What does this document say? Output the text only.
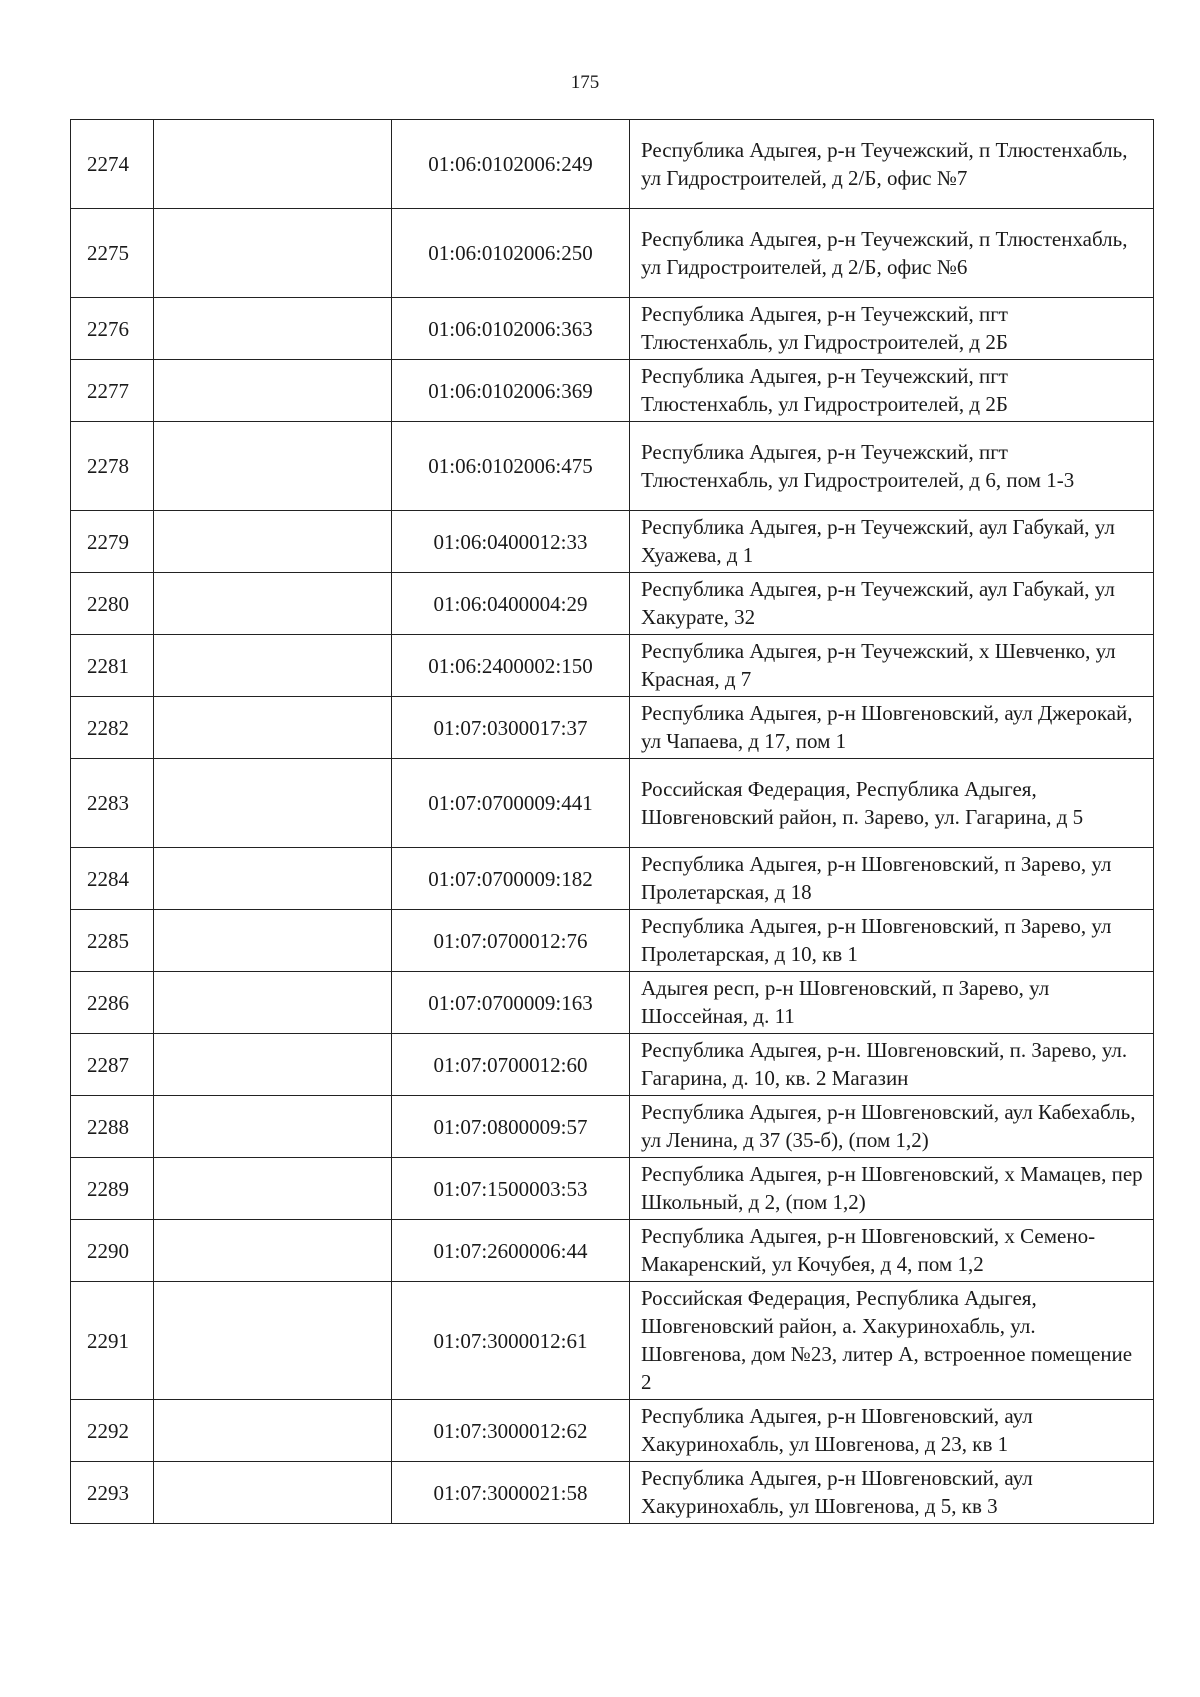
175
2274		01:06:0102006:249	Республика Адыгея, р-н Теучежский, п Тлюстенхабль, ул Гидростроителей, д 2/Б, офис №7
2275		01:06:0102006:250	Республика Адыгея, р-н Теучежский, п Тлюстенхабль, ул Гидростроителей, д 2/Б, офис №6
2276		01:06:0102006:363	Республика Адыгея, р-н Теучежский, пгт Тлюстенхабль, ул Гидростроителей, д 2Б
2277		01:06:0102006:369	Республика Адыгея, р-н Теучежский, пгт Тлюстенхабль, ул Гидростроителей, д 2Б
2278		01:06:0102006:475	Республика Адыгея, р-н Теучежский, пгт Тлюстенхабль, ул Гидростроителей, д 6, пом 1-3
2279		01:06:0400012:33	Республика Адыгея, р-н Теучежский, аул Габукай, ул Хуажева, д 1
2280		01:06:0400004:29	Республика Адыгея, р-н Теучежский, аул Габукай, ул Хакурате, 32
2281		01:06:2400002:150	Республика Адыгея, р-н Теучежский, х Шевченко, ул Красная, д 7
2282		01:07:0300017:37	Республика Адыгея, р-н Шовгеновский, аул Джерокай, ул Чапаева, д 17, пом 1
2283		01:07:0700009:441	Российская Федерация, Республика Адыгея, Шовгеновский район, п. Зарево, ул. Гагарина, д 5
2284		01:07:0700009:182	Республика Адыгея, р-н Шовгеновский, п Зарево, ул Пролетарская, д 18
2285		01:07:0700012:76	Республика Адыгея, р-н Шовгеновский, п Зарево, ул Пролетарская, д 10, кв 1
2286		01:07:0700009:163	Адыгея респ, р-н Шовгеновский, п Зарево, ул Шоссейная, д. 11
2287		01:07:0700012:60	Республика Адыгея, р-н. Шовгеновский, п. Зарево, ул. Гагарина, д. 10, кв. 2 Магазин
2288		01:07:0800009:57	Республика Адыгея, р-н Шовгеновский, аул Кабехабль, ул Ленина, д 37 (35-б), (пом 1,2)
2289		01:07:1500003:53	Республика Адыгея, р-н Шовгеновский, х Мамацев, пер Школьный, д 2, (пом 1,2)
2290		01:07:2600006:44	Республика Адыгея, р-н Шовгеновский, х Семено-Макаренский, ул Кочубея, д 4, пом 1,2
2291		01:07:3000012:61	Российская Федерация, Республика Адыгея, Шовгеновский район, а. Хакуринохабль, ул. Шовгенова, дом №23, литер А, встроенное помещение 2
2292		01:07:3000012:62	Республика Адыгея, р-н Шовгеновский, аул Хакуринохабль, ул Шовгенова, д 23, кв 1
2293		01:07:3000021:58	Республика Адыгея, р-н Шовгеновский, аул Хакуринохабль, ул Шовгенова, д 5, кв 3
